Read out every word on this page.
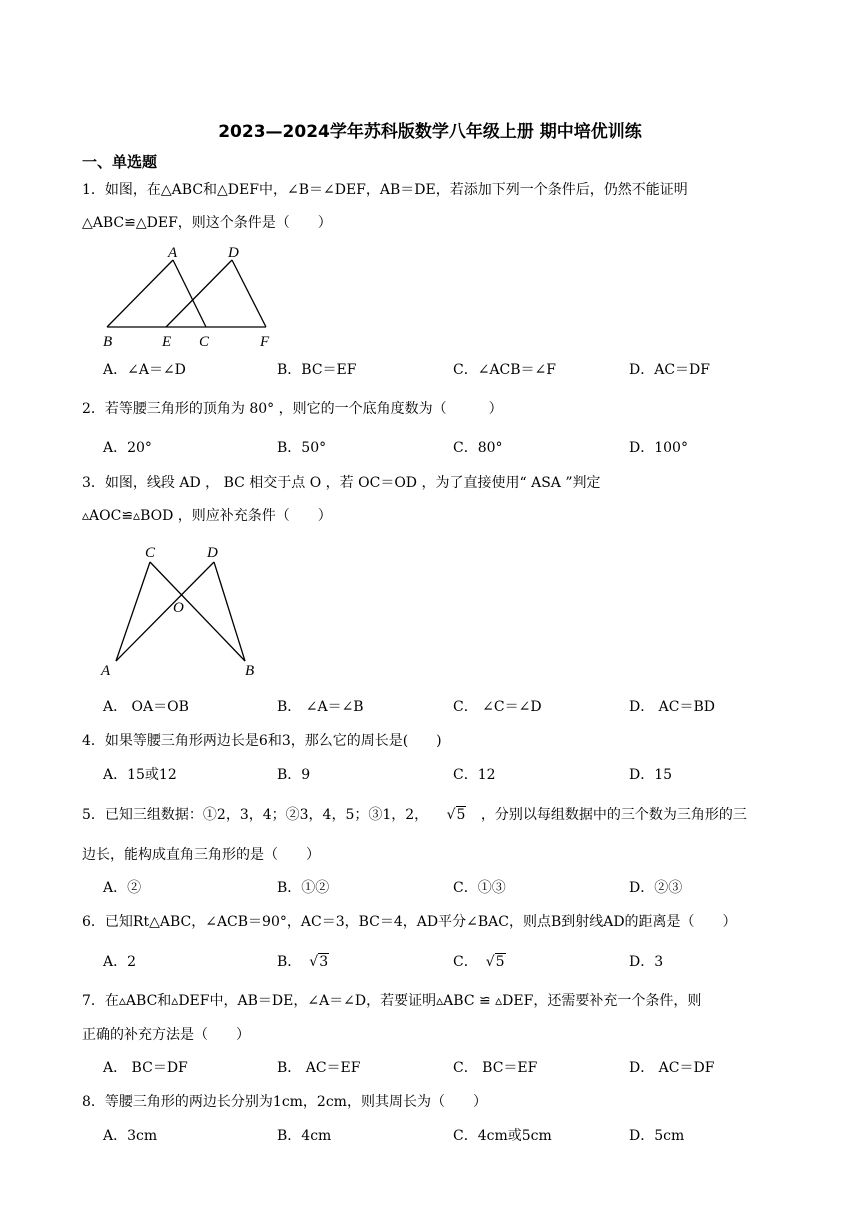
2023—2024学年苏科版数学八年级上册 期中培优训练
一、单选题
1．如图，在△ABC和△DEF中，∠B＝∠DEF，AB＝DE，若添加下列一个条件后，仍然不能证明
△ABC≌△DEF，则这个条件是（　　）
A	D
B	E C	F
A．∠A＝∠D	B．BC＝EF	C．∠ACB＝∠F	D．AC＝DF
2．若等腰三角形的顶角为 80° ，则它的一个底角度数为（　　　）
A．20°	B．50°	C．80°	D．100°
3．如图，线段 AD ， BC 相交于点 O ，若 OC＝OD ，为了直接使用“ ASA ”判定
▵AOC≌▵BOD ，则应补充条件（　　）
C	D
O
A	B
A． OA＝OB	B． ∠A＝∠B	C． ∠C＝∠D	D． AC＝BD
4．如果等腰三角形两边长是6和3，那么它的周长是(　　)
A．15或12	B．9	C．12	D．15
5．已知三组数据：①2，3，4；②3，4，5；③1，2， √5 ，分别以每组数据中的三个数为三角形的三
边长，能构成直角三角形的是（　　）
A．②	B．①②	C．①③	D．②③
6．已知Rt△ABC，∠ACB＝90°，AC＝3，BC＝4，AD平分∠BAC，则点B到射线AD的距离是（　　）
A．2	B． √3	C． √5	D．3
7．在▵ABC和▵DEF中，AB＝DE，∠A＝∠D，若要证明▵ABC ≌ ▵DEF，还需要补充一个条件，则
正确的补充方法是（　　）
A． BC＝DF	B． AC＝EF	C． BC＝EF	D． AC＝DF
8．等腰三角形的两边长分别为1cm，2cm，则其周长为（　　）
A．3cm	B．4cm	C．4cm或5cm	D．5cm
